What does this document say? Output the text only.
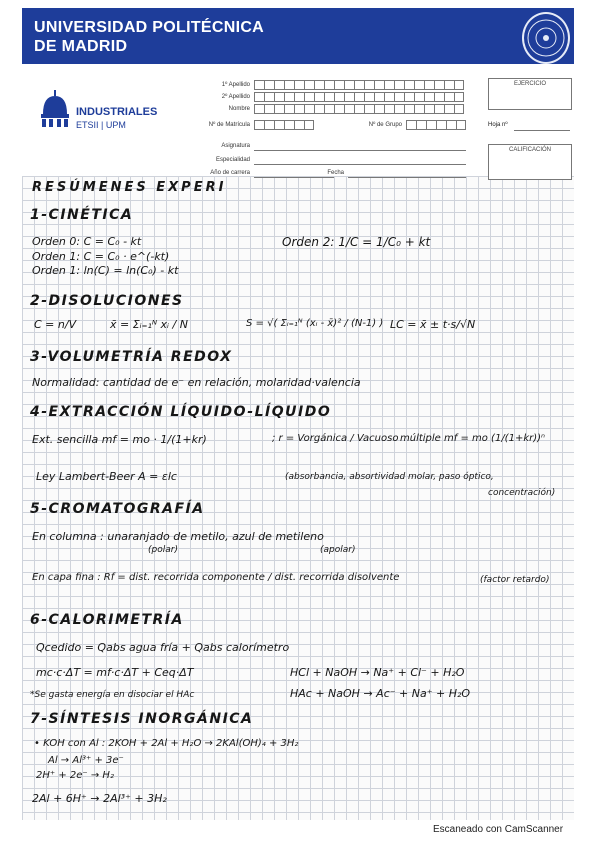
UNIVERSIDAD POLITÉCNICA
DE MADRID
INDUSTRIALES
ETSII | UPM
1º Apellido
2º Apellido
Nombre
Nº de Matrícula	Nº de Grupo
Asignatura
Especialidad
Año de carrera	Fecha
EJERCICIO
Hoja nº
CALIFICACIÓN
RESÚMENES EXPERI
1-CINÉTICA
Orden 0: C = C₀ - kt
Orden 1: C = C₀ · e^(-kt)
Orden 1: ln(C) = ln(C₀) - kt
Orden 2: 1/C = 1/C₀ + kt
2-DISOLUCIONES
C = n/V	x̄ = Σᵢ₌₁ᴺ xᵢ / N	S = √( Σᵢ₌₁ᴺ (xᵢ - x̄)² / (N-1) ) LC = x̄ ± t·s/√N
3-VOLUMETRÍA REDOX
Normalidad: cantidad de e⁻ en relación, molaridad·valencia
4-EXTRACCIÓN LÍQUIDO-LÍQUIDO
Ext. sencilla mf = mo · 1/(1+kr)	; r = Vorgánica / Vacuoso múltiple mf = mo (1/(1+kr))ⁿ
Ley Lambert-Beer A = ɛlc	(absorbancia, absortividad molar, paso óptico,
concentración)
5-CROMATOGRAFÍA
En columna : unaranjado de metilo, azul de metileno
(polar)	(apolar)
En capa fina : Rf = dist. recorrida componente / dist. recorrida disolvente	(factor retardo)
6-CALORIMETRÍA
Qcedido = Qabs agua fría + Qabs calorímetro
mc·c·ΔT = mf·c·ΔT + Ceq·ΔT	HCl + NaOH → Na⁺ + Cl⁻ + H₂O
*Se gasta energía en disociar el HAc	HAc + NaOH → Ac⁻ + Na⁺ + H₂O
7-SÍNTESIS INORGÁNICA
• KOH con Al : 2KOH + 2Al + H₂O → 2KAl(OH)₄ + 3H₂
Al → Al³⁺ + 3e⁻
2H⁺ + 2e⁻ → H₂
2Al + 6H⁺ → 2Al³⁺ + 3H₂
Escaneado con CamScanner
